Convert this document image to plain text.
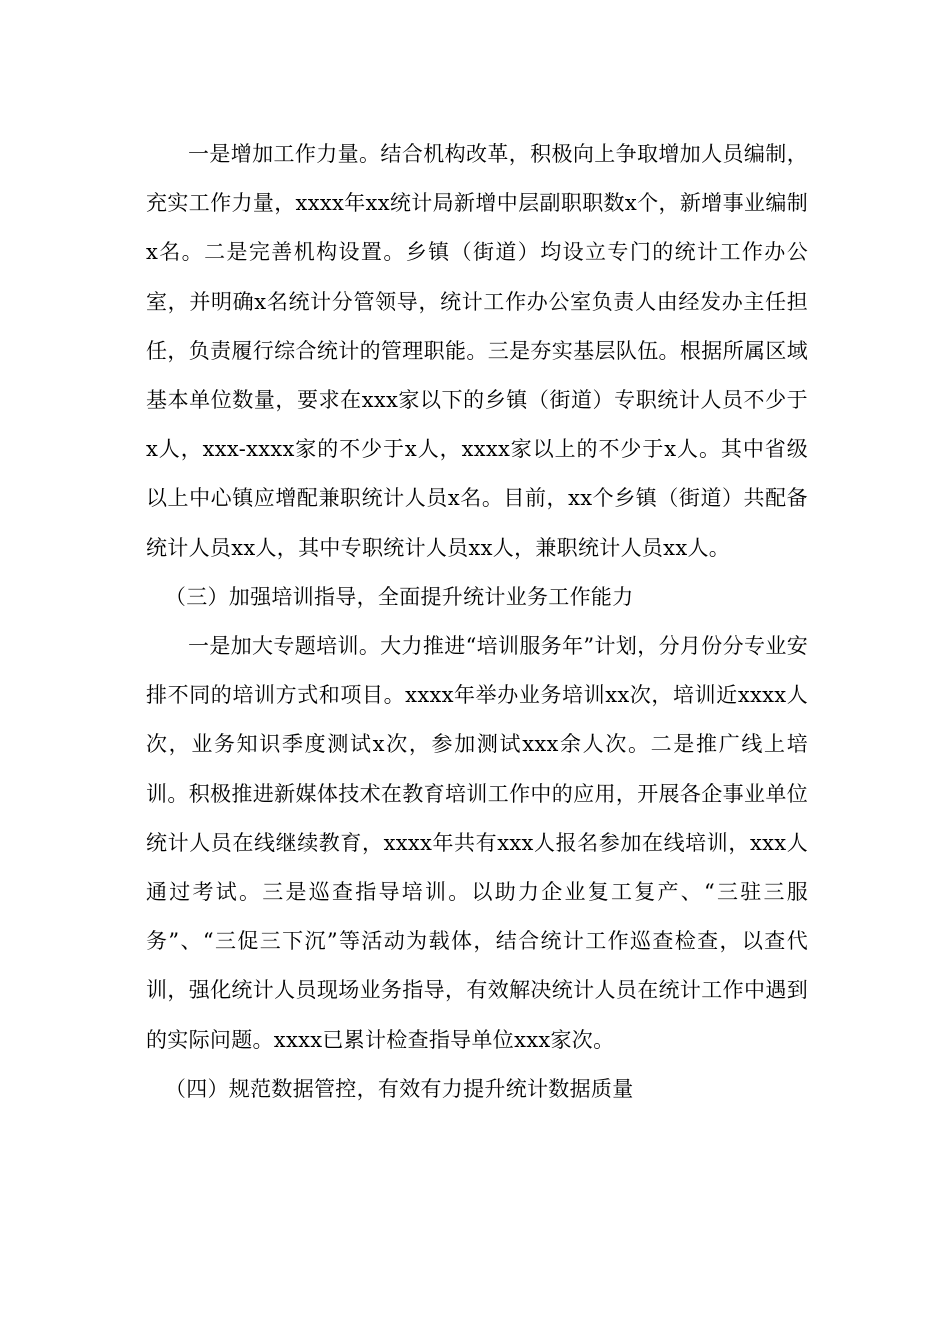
一是增加工作力量。结合机构改革，积极向上争取增加人员编制，充实工作力量，xxxx年xx统计局新增中层副职职数x个，新增事业编制x名。二是完善机构设置。乡镇（街道）均设立专门的统计工作办公室，并明确x名统计分管领导，统计工作办公室负责人由经发办主任担任，负责履行综合统计的管理职能。三是夯实基层队伍。根据所属区域基本单位数量，要求在xxx家以下的乡镇（街道）专职统计人员不少于x人，xxx-xxxx家的不少于x人，xxxx家以上的不少于x人。其中省级以上中心镇应增配兼职统计人员x名。目前，xx个乡镇（街道）共配备统计人员xx人，其中专职统计人员xx人，兼职统计人员xx人。

（三）加强培训指导，全面提升统计业务工作能力

一是加大专题培训。大力推进“培训服务年”计划，分月份分专业安排不同的培训方式和项目。xxxx年举办业务培训xx次，培训近xxxx人次，业务知识季度测试x次，参加测试xxx余人次。二是推广线上培训。积极推进新媒体技术在教育培训工作中的应用，开展各企事业单位统计人员在线继续教育，xxxx年共有xxx人报名参加在线培训，xxx人通过考试。三是巡查指导培训。以助力企业复工复产、“三驻三服务”、“三促三下沉”等活动为载体，结合统计工作巡查检查，以查代训，强化统计人员现场业务指导，有效解决统计人员在统计工作中遇到的实际问题。xxxx已累计检查指导单位xxx家次。

（四）规范数据管控，有效有力提升统计数据质量
